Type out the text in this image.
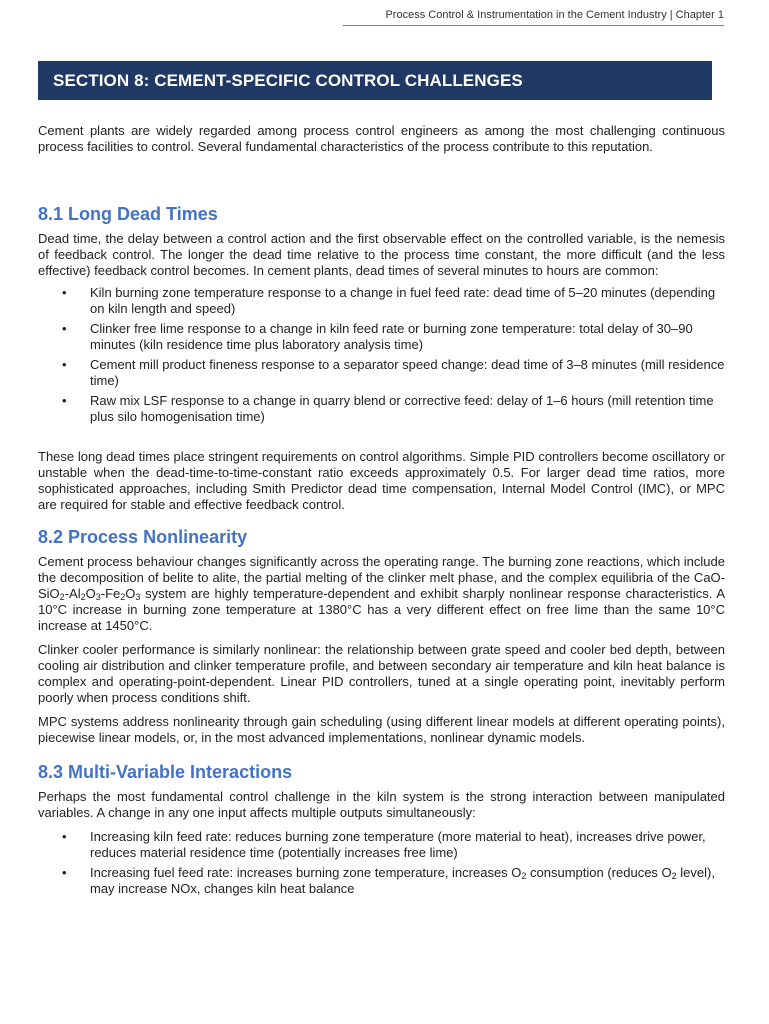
Process Control & Instrumentation in the Cement Industry | Chapter 1
SECTION 8: CEMENT-SPECIFIC CONTROL CHALLENGES

Cement plants are widely regarded among process control engineers as among the most challenging continuous process facilities to control. Several fundamental characteristics of the process contribute to this reputation.

8.1 Long Dead Times

Dead time, the delay between a control action and the first observable effect on the controlled variable, is the nemesis of feedback control. The longer the dead time relative to the process time constant, the more difficult (and the less effective) feedback control becomes. In cement plants, dead times of several minutes to hours are common:

• Kiln burning zone temperature response to a change in fuel feed rate: dead time of 5–20 minutes (depending on kiln length and speed)
• Clinker free lime response to a change in kiln feed rate or burning zone temperature: total delay of 30–90 minutes (kiln residence time plus laboratory analysis time)
• Cement mill product fineness response to a separator speed change: dead time of 3–8 minutes (mill residence time)
• Raw mix LSF response to a change in quarry blend or corrective feed: delay of 1–6 hours (mill retention time plus silo homogenisation time)

These long dead times place stringent requirements on control algorithms. Simple PID controllers become oscillatory or unstable when the dead-time-to-time-constant ratio exceeds approximately 0.5. For larger dead time ratios, more sophisticated approaches, including Smith Predictor dead time compensation, Internal Model Control (IMC), or MPC are required for stable and effective feedback control.

8.2 Process Nonlinearity

Cement process behaviour changes significantly across the operating range. The burning zone reactions, which include the decomposition of belite to alite, the partial melting of the clinker melt phase, and the complex equilibria of the CaO-$SiO_2-Al_2O_3-Fe_2O_3$ system are highly temperature-dependent and exhibit sharply nonlinear response characteristics. A 10°C increase in burning zone temperature at 1380°C has a very different effect on free lime than the same 10°C increase at 1450°C.

Clinker cooler performance is similarly nonlinear: the relationship between grate speed and cooler bed depth, between cooling air distribution and clinker temperature profile, and between secondary air temperature and kiln heat balance is complex and operating-point-dependent. Linear PID controllers, tuned at a single operating point, inevitably perform poorly when process conditions shift.

MPC systems address nonlinearity through gain scheduling (using different linear models at different operating points), piecewise linear models, or, in the most advanced implementations, nonlinear dynamic models.

8.3 Multi-Variable Interactions

Perhaps the most fundamental control challenge in the kiln system is the strong interaction between manipulated variables. A change in any one input affects multiple outputs simultaneously:

• Increasing kiln feed rate: reduces burning zone temperature (more material to heat), increases drive power, reduces material residence time (potentially increases free lime)
• Increasing fuel feed rate: increases burning zone temperature, increases $O_2$ consumption (reduces $O_2$ level), may increase NOx, changes kiln heat balance
